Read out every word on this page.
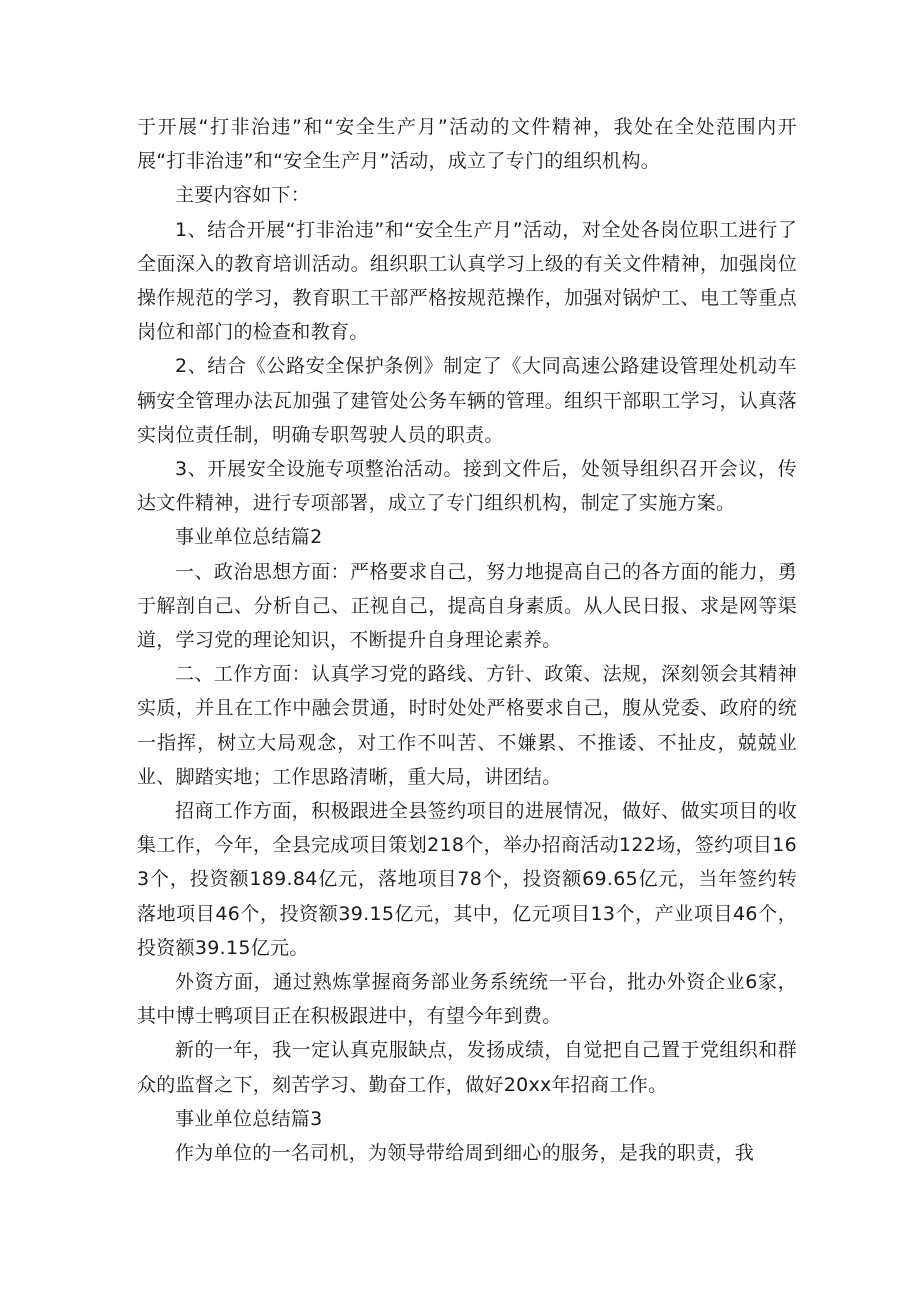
于开展“打非治违”和“安全生产月”活动的文件精神，我处在全处范围内开展“打非治违”和“安全生产月”活动，成立了专门的组织机构。

主要内容如下：

1、结合开展“打非治违”和“安全生产月”活动，对全处各岗位职工进行了全面深入的教育培训活动。组织职工认真学习上级的有关文件精神，加强岗位操作规范的学习，教育职工干部严格按规范操作，加强对锅炉工、电工等重点岗位和部门的检查和教育。

2、结合《公路安全保护条例》制定了《大同高速公路建设管理处机动车辆安全管理办法瓦加强了建管处公务车辆的管理。组织干部职工学习，认真落实岗位责任制，明确专职驾驶人员的职责。

3、开展安全设施专项整治活动。接到文件后，处领导组织召开会议，传达文件精神，进行专项部署，成立了专门组织机构，制定了实施方案。

事业单位总结篇2

一、政治思想方面：严格要求自己，努力地提高自己的各方面的能力，勇于解剖自己、分析自己、正视自己，提高自身素质。从人民日报、求是网等渠道，学习党的理论知识，不断提升自身理论素养。

二、工作方面：认真学习党的路线、方针、政策、法规，深刻领会其精神实质，并且在工作中融会贯通，时时处处严格要求自己，腹从党委、政府的统一指挥，树立大局观念，对工作不叫苦、不嫌累、不推诿、不扯皮，兢兢业业、脚踏实地；工作思路清晰，重大局，讲团结。

招商工作方面，积极跟进全县签约项目的进展情况，做好、做实项目的收集工作，今年，全县完成项目策划218个，举办招商活动122场，签约项目163个，投资额189.84亿元，落地项目78个，投资额69.65亿元，当年签约转落地项目46个，投资额39.15亿元，其中，亿元项目13个，产业项目46个，投资额39.15亿元。

外资方面，通过熟炼掌握商务部业务系统统一平台，批办外资企业6家，其中博士鸭项目正在积极跟进中，有望今年到费。

新的一年，我一定认真克服缺点，发扬成绩，自觉把自己置于党组织和群众的监督之下，刻苦学习、勤奋工作，做好20xx年招商工作。

事业单位总结篇3

作为单位的一名司机，为领导带给周到细心的服务，是我的职责，我
